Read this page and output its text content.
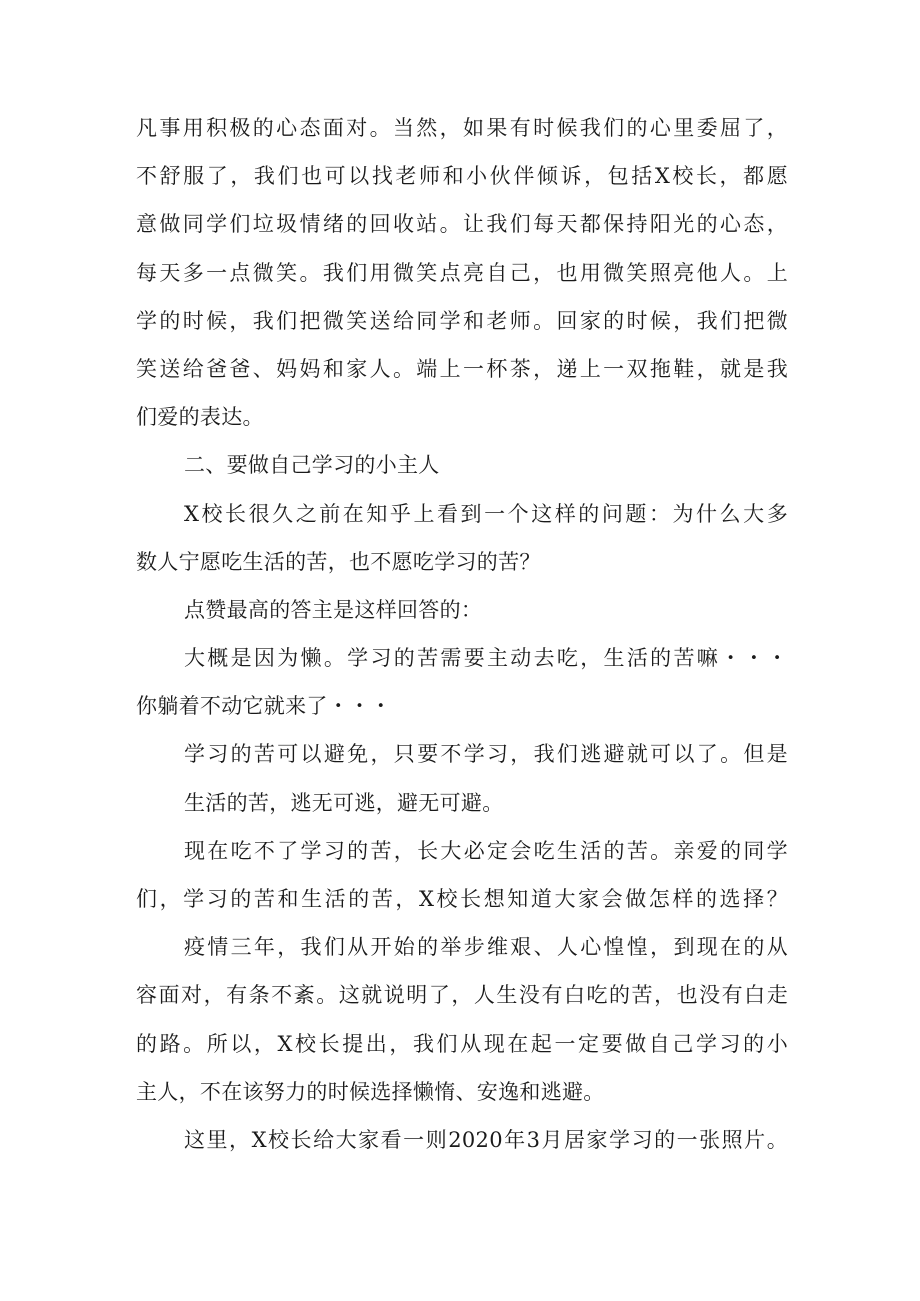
凡事用积极的心态面对。当然，如果有时候我们的心里委屈了，
不舒服了，我们也可以找老师和小伙伴倾诉，包括X校长，都愿
意做同学们垃圾情绪的回收站。让我们每天都保持阳光的心态，
每天多一点微笑。我们用微笑点亮自己，也用微笑照亮他人。上
学的时候，我们把微笑送给同学和老师。回家的时候，我们把微
笑送给爸爸、妈妈和家人。端上一杯茶，递上一双拖鞋，就是我
们爱的表达。
二、要做自己学习的小主人
X校长很久之前在知乎上看到一个这样的问题：为什么大多
数人宁愿吃生活的苦，也不愿吃学习的苦？
点赞最高的答主是这样回答的：
大概是因为懒。学习的苦需要主动去吃，生活的苦嘛・・・
你躺着不动它就来了・・・
学习的苦可以避免，只要不学习，我们逃避就可以了。但是
生活的苦，逃无可逃，避无可避。
现在吃不了学习的苦，长大必定会吃生活的苦。亲爱的同学
们，学习的苦和生活的苦，X校长想知道大家会做怎样的选择？
疫情三年，我们从开始的举步维艰、人心惶惶，到现在的从
容面对，有条不紊。这就说明了，人生没有白吃的苦，也没有白走
的路。所以，X校长提出，我们从现在起一定要做自己学习的小
主人，不在该努力的时候选择懒惰、安逸和逃避。
这里，X校长给大家看一则2020年3月居家学习的一张照片。
